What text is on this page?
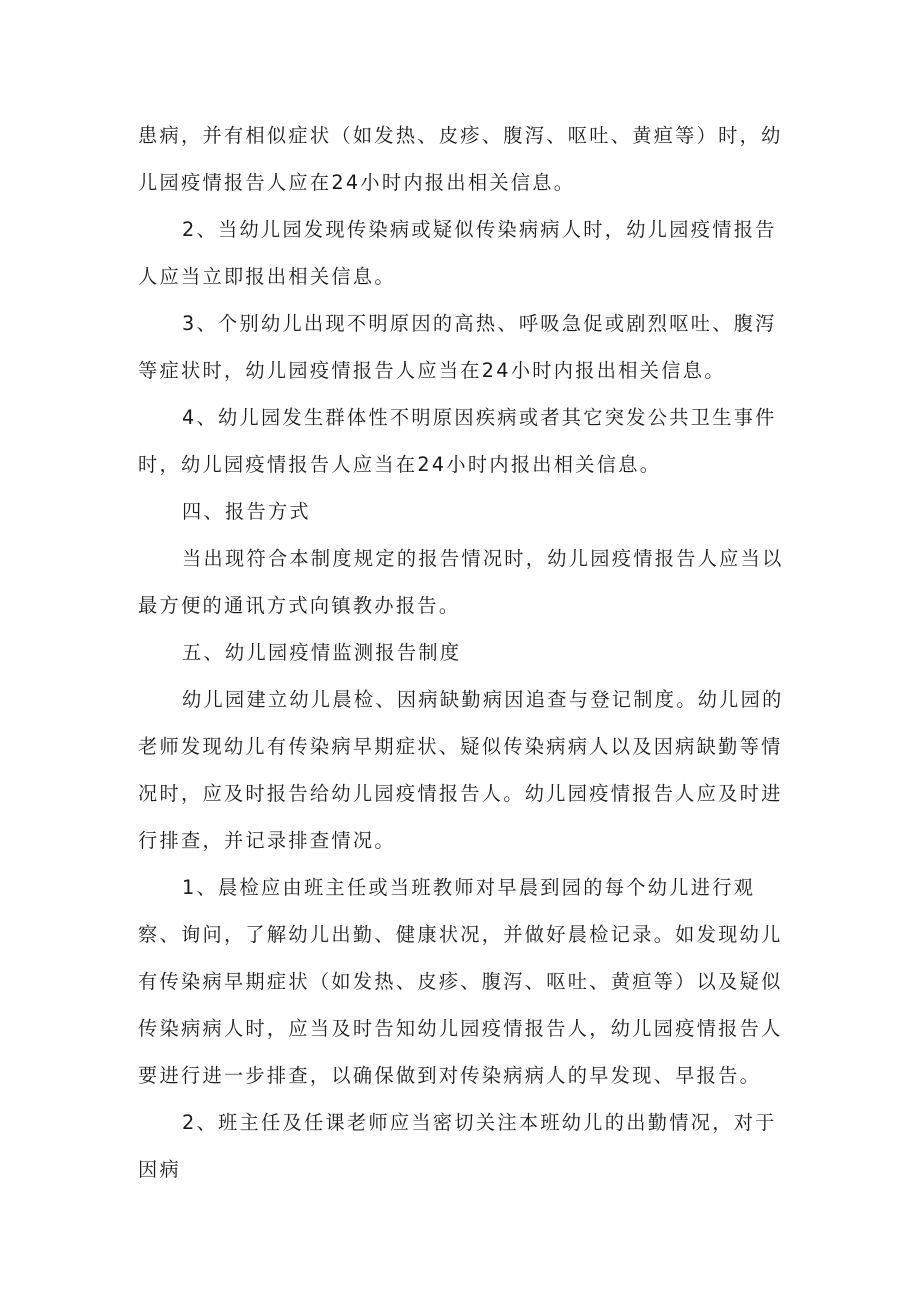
患病，并有相似症状（如发热、皮疹、腹泻、呕吐、黄疸等）时，幼儿园疫情报告人应在24小时内报出相关信息。

2、当幼儿园发现传染病或疑似传染病病人时，幼儿园疫情报告人应当立即报出相关信息。

3、个别幼儿出现不明原因的高热、呼吸急促或剧烈呕吐、腹泻等症状时，幼儿园疫情报告人应当在24小时内报出相关信息。

4、幼儿园发生群体性不明原因疾病或者其它突发公共卫生事件时，幼儿园疫情报告人应当在24小时内报出相关信息。

四、报告方式

当出现符合本制度规定的报告情况时，幼儿园疫情报告人应当以最方便的通讯方式向镇教办报告。

五、幼儿园疫情监测报告制度

幼儿园建立幼儿晨检、因病缺勤病因追查与登记制度。幼儿园的老师发现幼儿有传染病早期症状、疑似传染病病人以及因病缺勤等情况时，应及时报告给幼儿园疫情报告人。幼儿园疫情报告人应及时进行排查，并记录排查情况。

1、晨检应由班主任或当班教师对早晨到园的每个幼儿进行观察、询问，了解幼儿出勤、健康状况，并做好晨检记录。如发现幼儿有传染病早期症状（如发热、皮疹、腹泻、呕吐、黄疸等）以及疑似传染病病人时，应当及时告知幼儿园疫情报告人，幼儿园疫情报告人要进行进一步排查，以确保做到对传染病病人的早发现、早报告。

2、班主任及任课老师应当密切关注本班幼儿的出勤情况，对于因病
